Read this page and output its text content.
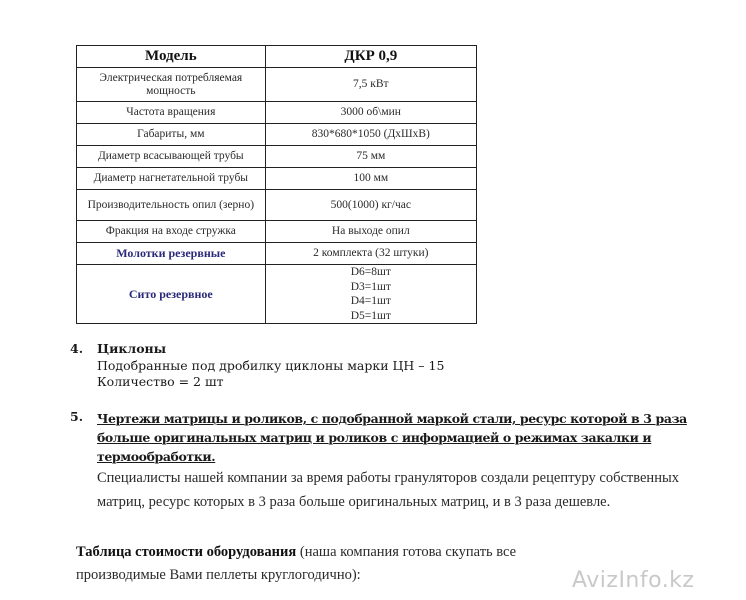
Модель	ДКР 0,9
Электрическая потребляемая мощность	7,5 кВт
Частота вращения	3000 об\мин
Габариты, мм	830*680*1050 (ДхШхВ)
Диаметр всасывающей трубы	75 мм
Диаметр нагнетательной трубы	100 мм
Производительность опил (зерно)	500(1000) кг/час
Фракция на входе стружка	На выходе опил
Молотки резервные	2 комплекта (32 штуки)
Сито резервное	D6=8шт
D3=1шт
D4=1шт
D5=1шт
4. Циклоны
Подобранные под дробилку циклоны марки ЦН – 15
Количество = 2 шт
5. Чертежи матрицы и роликов, с подобранной маркой стали, ресурс которой в 3 раза больше оригинальных матриц и роликов с информацией о режимах закалки и термообработки.
Специалисты нашей компании за время работы грануляторов создали рецептуру собственных матриц, ресурс которых в 3 раза больше оригинальных матриц, и в 3 раза дешевле.
Таблица стоимости оборудования (наша компания готова скупать все производимые Вами пеллеты круглогодично):	AvizInfo.kz
